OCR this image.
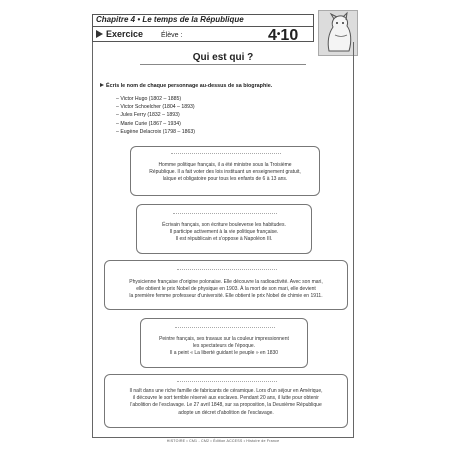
Chapitre 4 • Le temps de la République
Exercice	Élève :	4•10
Qui est qui ?
Écris le nom de chaque personnage au-dessus de sa biographie.
– Victor Hugo (1802 – 1885)
– Victor Schoelcher (1804 – 1893)
– Jules Ferry (1832 – 1893)
– Marie Curie (1867 – 1934)
– Eugène Delacroix (1798 – 1863)
Homme politique français, il a été ministre sous la Troisième
République. Il a fait voter des lois instituant un enseignement gratuit,
laïque et obligatoire pour tous les enfants de 6 à 13 ans.
Écrivain français, son écriture bouleverse les habitudes.
Il participe activement à la vie politique française.
Il est républicain et s'oppose à Napoléon III.
Physicienne française d'origine polonaise. Elle découvre la radioactivité. Avec son mari,
elle obtient le prix Nobel de physique en 1903. À la mort de son mari, elle devient
la première femme professeur d'université. Elle obtient le prix Nobel de chimie en 1911.
Peintre français, ses travaux sur la couleur impressionnent
les spectateurs de l'époque.
Il a peint « La liberté guidant le peuple » en 1830
Il naît dans une riche famille de fabricants de céramique. Lors d'un séjour en Amérique,
il découvre le sort terrible réservé aux esclaves. Pendant 20 ans, il lutte pour obtenir
l'abolition de l'esclavage. Le 27 avril 1848, sur sa proposition, la Deuxième République
adopte un décret d'abolition de l'esclavage.
HISTOIRE • CM1 - CM2 • Édition ACCESS • Histoire de France
